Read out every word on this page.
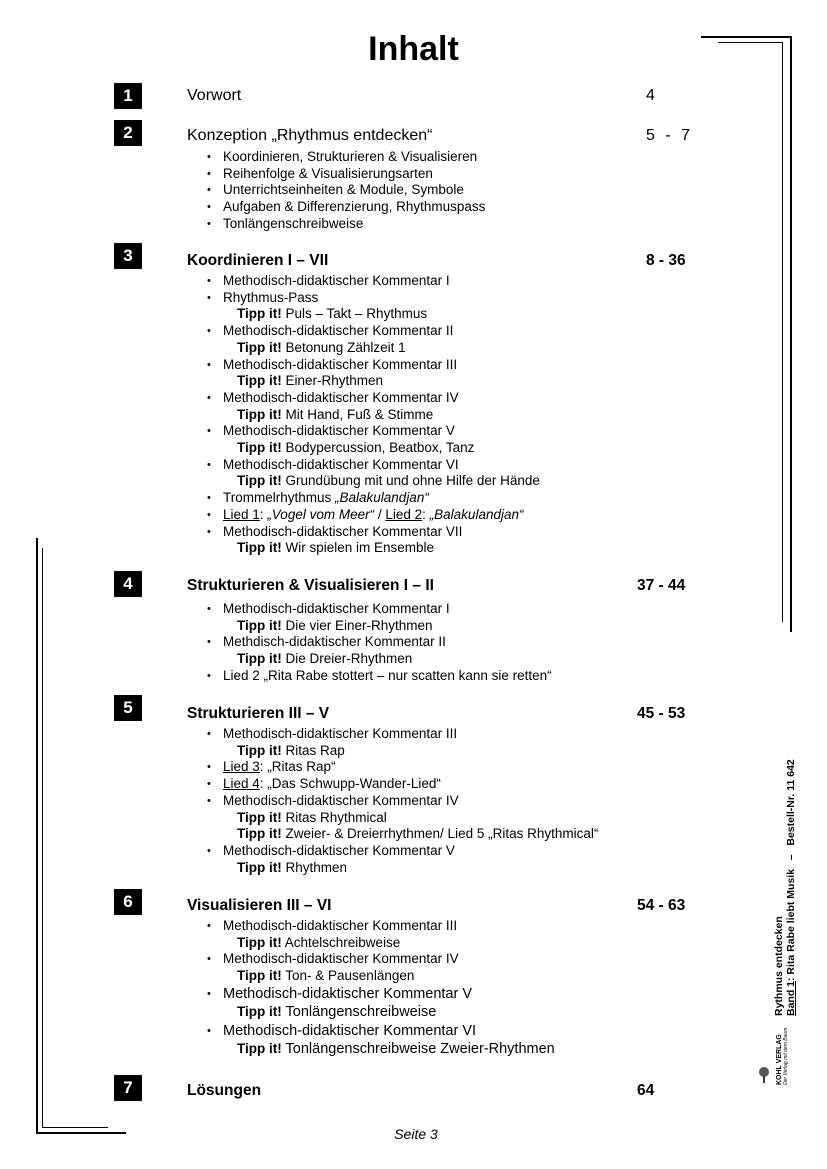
Inhalt
1	Vorwort	4
2	Konzeption „Rhythmus entdecken“	5 - 7
• Koordinieren, Strukturieren & Visualisieren
• Reihenfolge & Visualisierungsarten
• Unterrichtseinheiten & Module, Symbole
• Aufgaben & Differenzierung, Rhythmuspass
• Tonlängenschreibweise
3	Koordinieren I – VII	8 - 36
• Methodisch-didaktischer Kommentar I
• Rhythmus-Pass
Tipp it! Puls – Takt – Rhythmus
• Methodisch-didaktischer Kommentar II
Tipp it! Betonung Zählzeit 1
• Methodisch-didaktischer Kommentar III
Tipp it! Einer-Rhythmen
• Methodisch-didaktischer Kommentar IV
Tipp it! Mit Hand, Fuß & Stimme
• Methodisch-didaktischer Kommentar V
Tipp it! Bodypercussion, Beatbox, Tanz
• Methodisch-didaktischer Kommentar VI
Tipp it! Grundübung mit und ohne Hilfe der Hände
• Trommelrhythmus „Balakulandjan“
• Lied 1: „Vogel vom Meer“ / Lied 2: „Balakulandjan“
• Methodisch-didaktischer Kommentar VII
Tipp it! Wir spielen im Ensemble
4	Strukturieren & Visualisieren I – II	37 - 44
• Methodisch-didaktischer Kommentar I
Tipp it! Die vier Einer-Rhythmen
• Methdisch-didaktischer Kommentar II
Tipp it! Die Dreier-Rhythmen
• Lied 2 „Rita Rabe stottert – nur scatten kann sie retten“
5	Strukturieren III – V	45 - 53
• Methodisch-didaktischer Kommentar III
Tipp it! Ritas Rap
• Lied 3: „Ritas Rap“
• Lied 4: „Das Schwupp-Wander-Lied“
• Methodisch-didaktischer Kommentar IV
Tipp it! Ritas Rhythmical
Tipp it! Zweier- & Dreierrhythmen/ Lied 5 „Ritas Rhythmical“
• Methodisch-didaktischer Kommentar V
Tipp it! Rhythmen
6	Visualisieren III – VI	54 - 63
• Methodisch-didaktischer Kommentar III
Tipp it! Achtelschreibweise
• Methodisch-didaktischer Kommentar IV
Tipp it! Ton- & Pausenlängen
• Methodisch-didaktischer Kommentar V
Tipp it! Tonlängenschreibweise
• Methodisch-didaktischer Kommentar VI
Tipp it! Tonlängenschreibweise Zweier-Rhythmen
7	Lösungen	64
Rythmus entdecken Band 1: Rita Rabe liebt Musik   –   Bestell-Nr. 11 642
KOHL VERLAG Der Verlag mit dem Baum
Seite 3
